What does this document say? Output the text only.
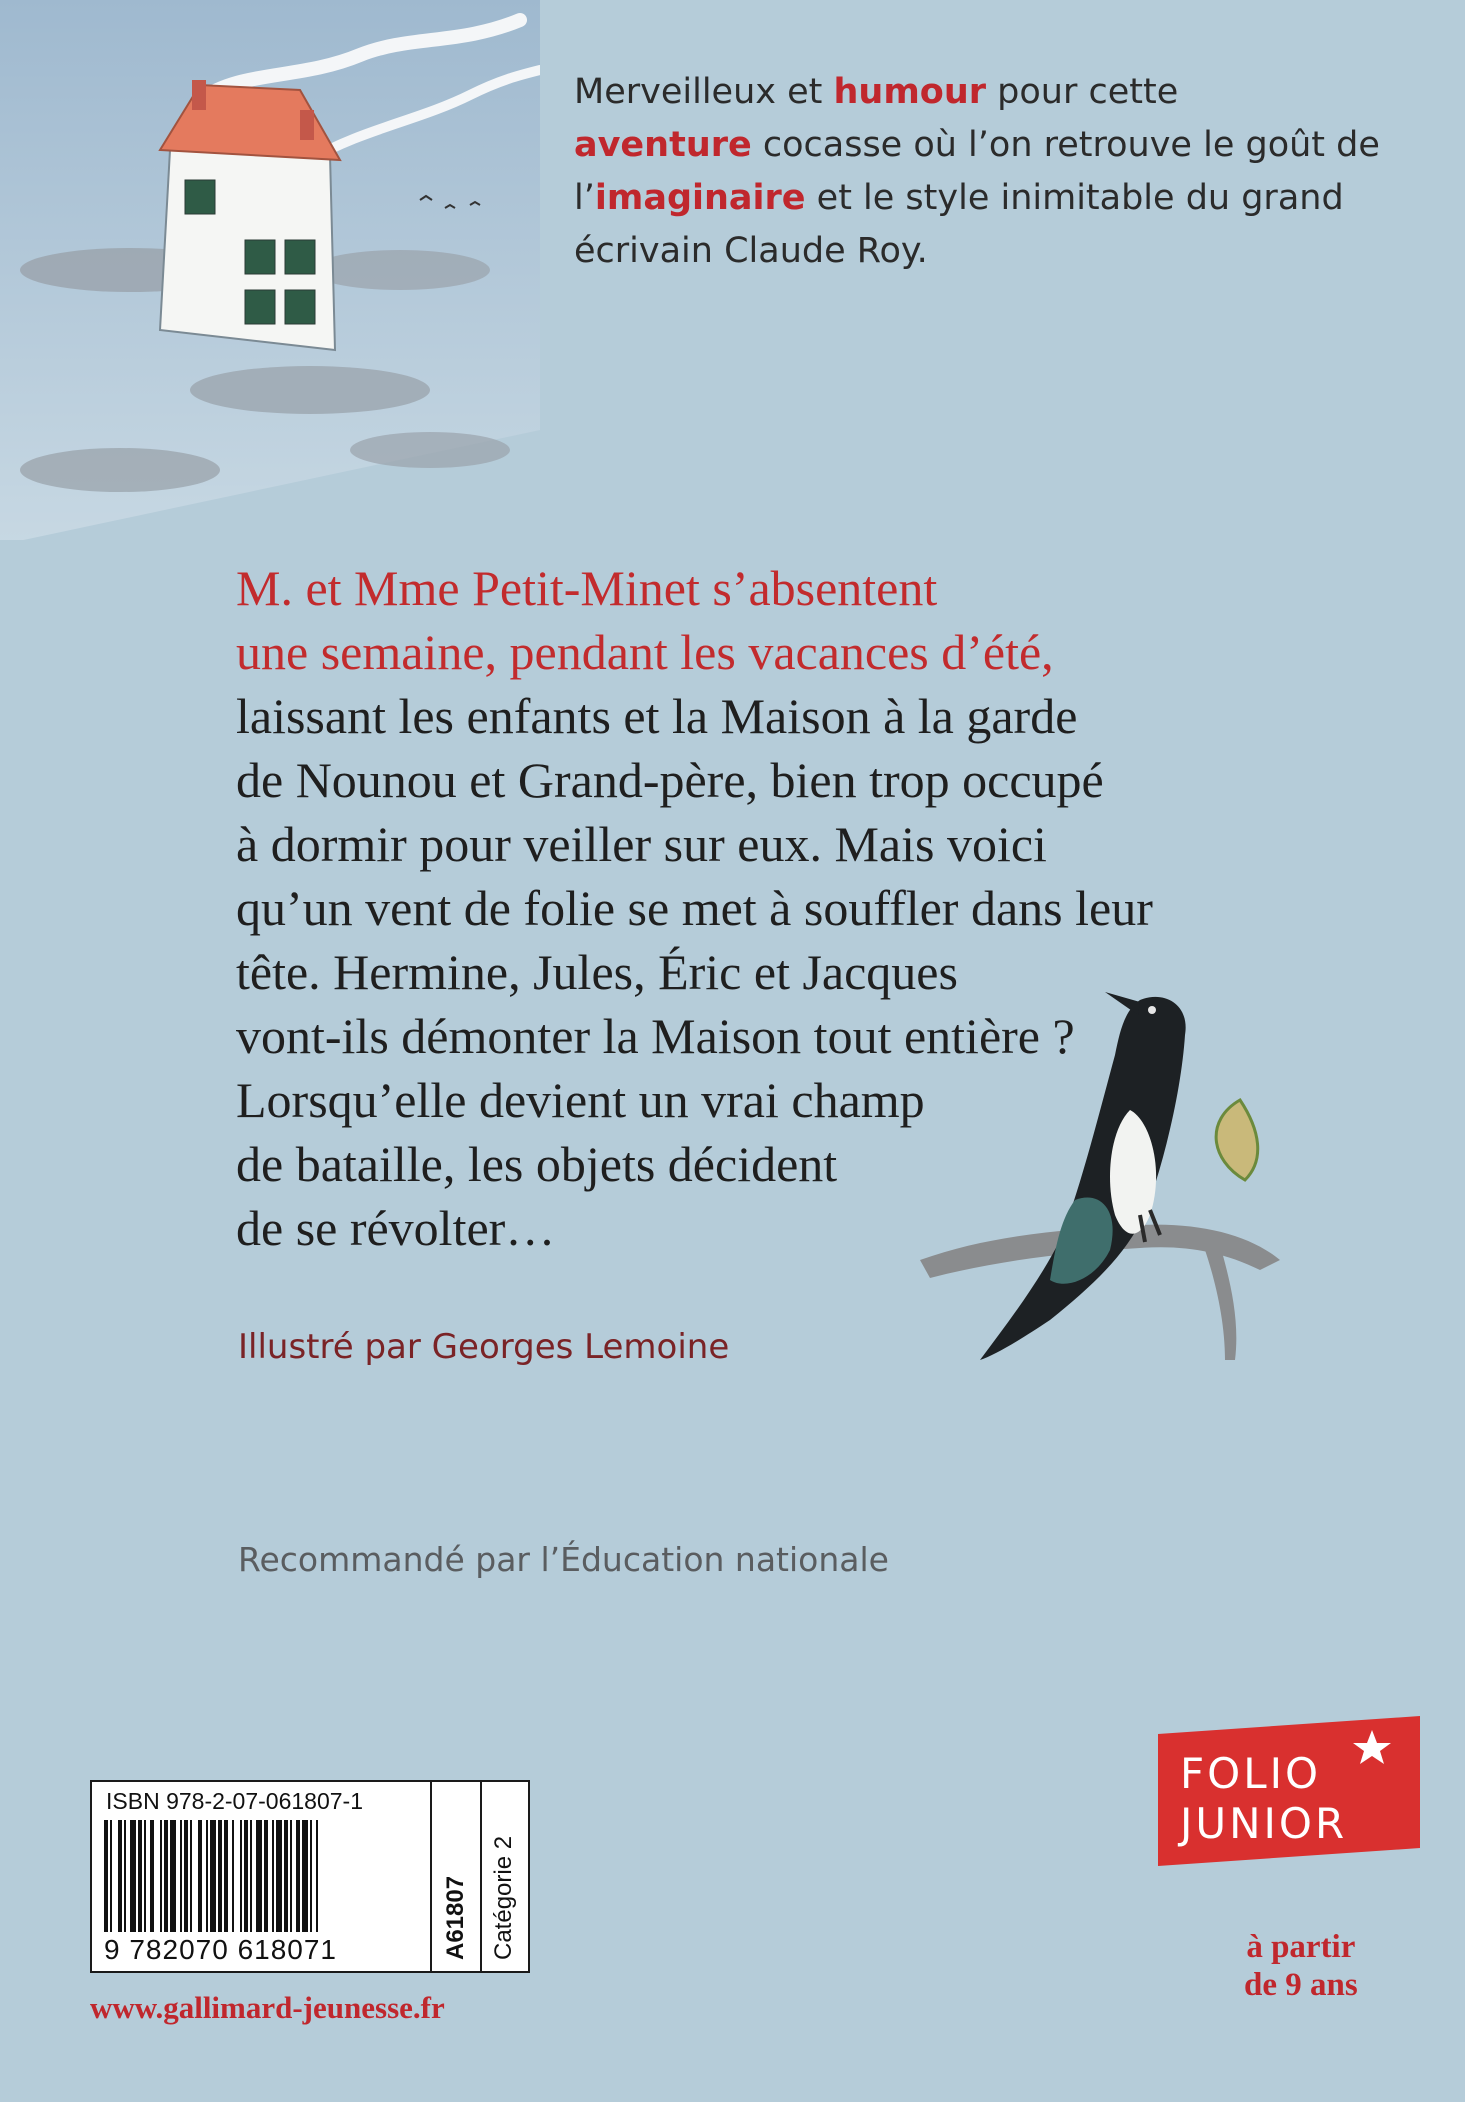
Merveilleux et humour pour cette
aventure cocasse où l’on retrouve le goût de l’imaginaire et le style inimitable du grand écrivain Claude Roy.

M. et Mme Petit-Minet s’absentent
une semaine, pendant les vacances d’été,
laissant les enfants et la Maison à la garde
de Nounou et Grand-père, bien trop occupé
à dormir pour veiller sur eux. Mais voici
qu’un vent de folie se met à souffler dans leur
tête. Hermine, Jules, Éric et Jacques
vont-ils démonter la Maison tout entière ?
Lorsqu’elle devient un vrai champ
de bataille, les objets décident
de se révolter…

Illustré par Georges Lemoine
Recommandé par l’Éducation nationale
ISBN 978-2-07-061807-1
9 782070 618071	A61807 Catégorie 2
www.gallimard-jeunesse.fr
FOLIO
JUNIOR
à partir
de 9 ans
